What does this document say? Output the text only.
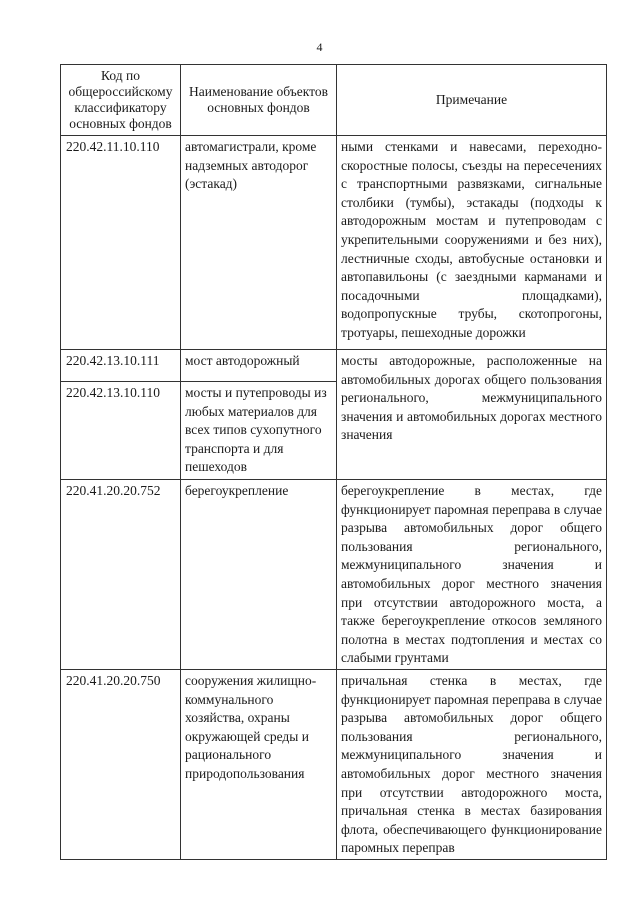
4
Код по общероссийскому классификатору основных фондов	Наименование объектов основных фондов	Примечание
220.42.11.10.110	автомагистрали, кроме надземных автодорог (эстакад)	ными стенками и навесами, переходно-скоростные полосы, съезды на пересечениях с транспортными развязками, сигнальные столбики (тумбы), эстакады (подходы к автодорожным мостам и путепроводам с укрепительными сооружениями и без них), лестничные сходы, автобусные остановки и автопавильоны (с заездными карманами и посадочными площадками), водопропускные трубы, скотопрогоны, тротуары, пешеходные дорожки
220.42.13.10.111	мост автодорожный	мосты автодорожные, расположенные на автомобильных дорогах общего пользования регионального, межмуниципального значения и автомобильных дорогах местного значения
220.42.13.10.110	мосты и путепроводы из любых материалов для всех типов сухопутного транспорта и для пешеходов	
220.41.20.20.752	берегоукрепление	берегоукрепление в местах, где функционирует паромная переправа в случае разрыва автомобильных дорог общего пользования регионального, межмуниципального значения и автомобильных дорог местного значения при отсутствии автодорожного моста, а также берегоукрепление откосов земляного полотна в местах подтопления и местах со слабыми грунтами
220.41.20.20.750	сооружения жилищно-коммунального хозяйства, охраны окружающей среды и рационального природопользования	причальная стенка в местах, где функционирует паромная переправа в случае разрыва автомобильных дорог общего пользования регионального, межмуниципального значения и автомобильных дорог местного значения при отсутствии автодорожного моста, причальная стенка в местах базирования флота, обеспечивающего функционирование паромных переправ
